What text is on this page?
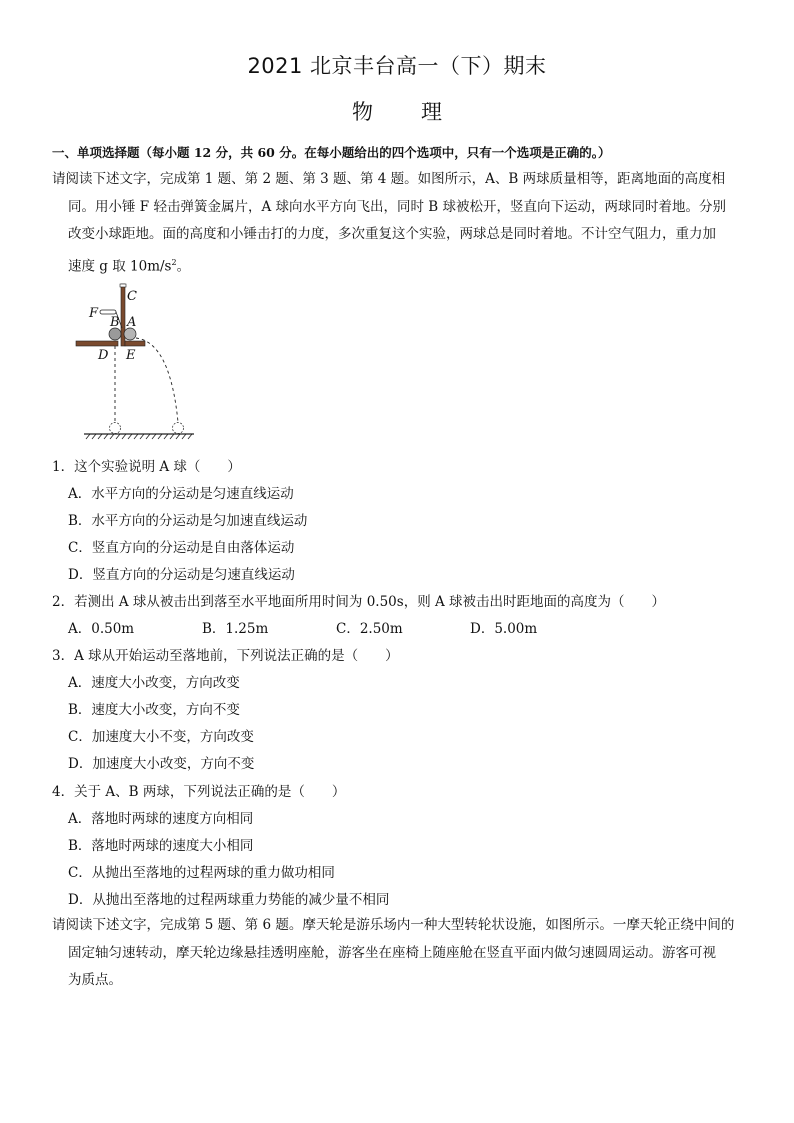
2021 北京丰台高一（下）期末
物理
一、单项选择题（每小题 12 分，共 60 分。在每小题给出的四个选项中，只有一个选项是正确的。）
请阅读下述文字，完成第 1 题、第 2 题、第 3 题、第 4 题。如图所示，A、B 两球质量相等，距离地面的高度相
同。用小锤 F 轻击弹簧金属片，A 球向水平方向飞出，同时 B 球被松开，竖直向下运动，两球同时着地。分别
改变小球距地。面的高度和小锤击打的力度，多次重复这个实验，两球总是同时着地。不计空气阻力，重力加
速度 g 取 $10m/s^2$。
C
F
B A
D E
1．这个实验说明 A 球（　　）
A．水平方向的分运动是匀速直线运动
B．水平方向的分运动是匀加速直线运动
C．竖直方向的分运动是自由落体运动
D．竖直方向的分运动是匀速直线运动
2．若测出 A 球从被击出到落至水平地面所用时间为 0.50s，则 A 球被击出时距地面的高度为（　　）
A．0.50m	B．1.25m	C．2.50m	D．5.00m
3．A 球从开始运动至落地前，下列说法正确的是（　　）
A．速度大小改变，方向改变
B．速度大小改变，方向不变
C．加速度大小不变，方向改变
D．加速度大小改变，方向不变
4．关于 A、B 两球，下列说法正确的是（　　）
A．落地时两球的速度方向相同
B．落地时两球的速度大小相同
C．从抛出至落地的过程两球的重力做功相同
D．从抛出至落地的过程两球重力势能的减少量不相同
请阅读下述文字，完成第 5 题、第 6 题。摩天轮是游乐场内一种大型转轮状设施，如图所示。一摩天轮正绕中间的
固定轴匀速转动，摩天轮边缘悬挂透明座舱，游客坐在座椅上随座舱在竖直平面内做匀速圆周运动。游客可视
为质点。
